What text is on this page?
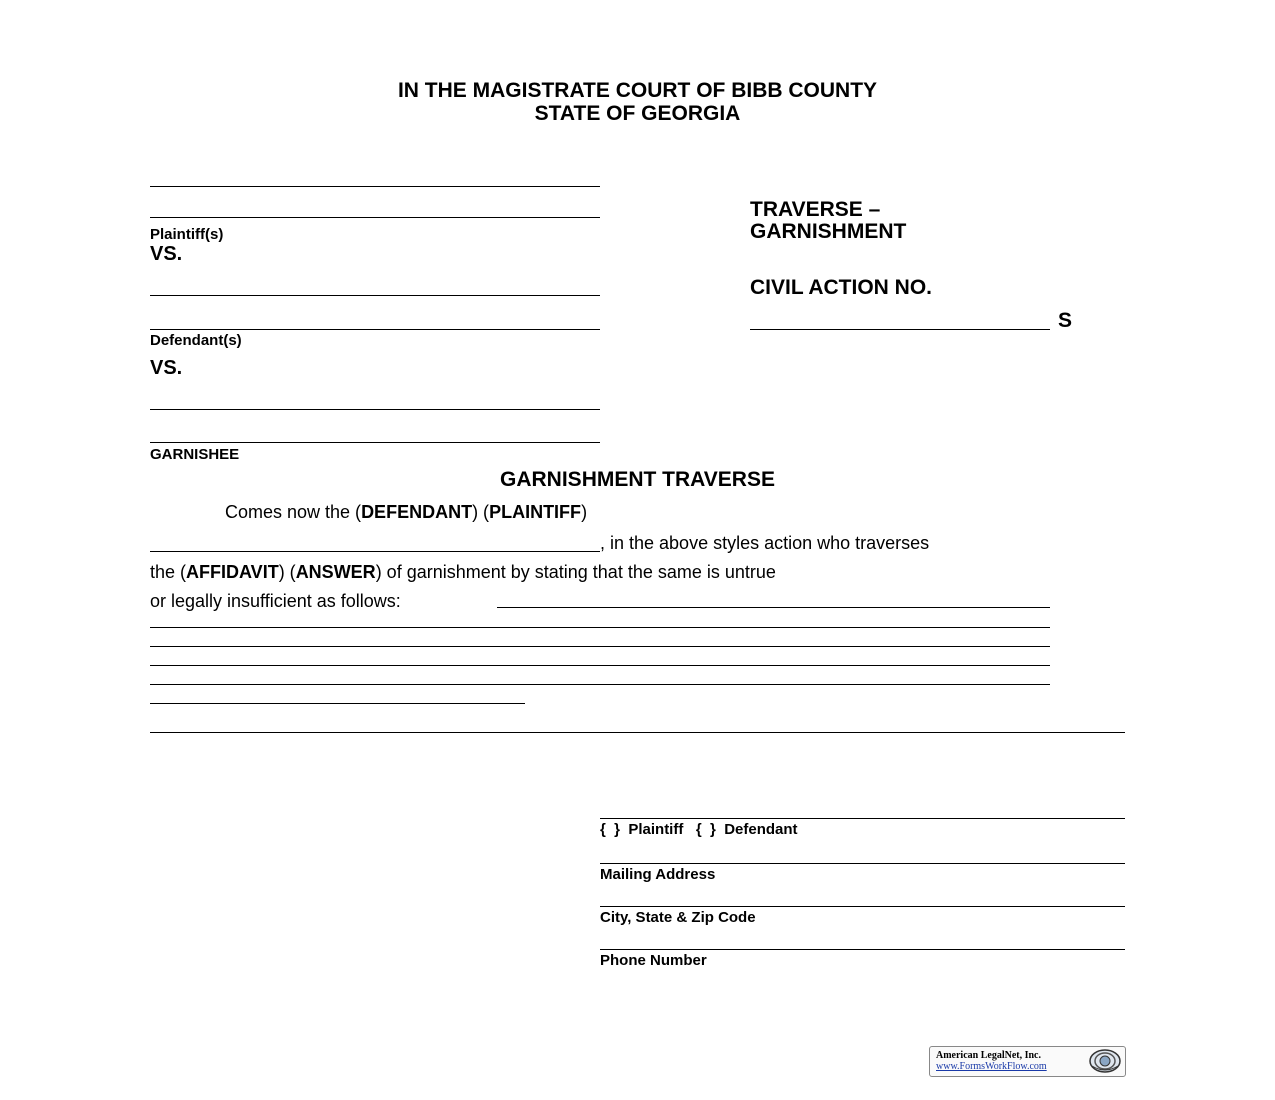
IN THE MAGISTRATE COURT OF BIBB COUNTY
STATE OF GEORGIA
Plaintiff(s)
VS.
Defendant(s)
VS.
GARNISHEE
TRAVERSE –
GARNISHMENT
CIVIL ACTION NO.
S
GARNISHMENT TRAVERSE
Comes now the (DEFENDANT) (PLAINTIFF)
, in the above styles action who traverses
the (AFFIDAVIT) (ANSWER) of garnishment by stating that the same is untrue
or legally insufficient as follows:
{  }  Plaintiff   {  }  Defendant
Mailing Address
City, State & Zip Code
Phone Number
American LegalNet, Inc.
www.FormsWorkFlow.com
